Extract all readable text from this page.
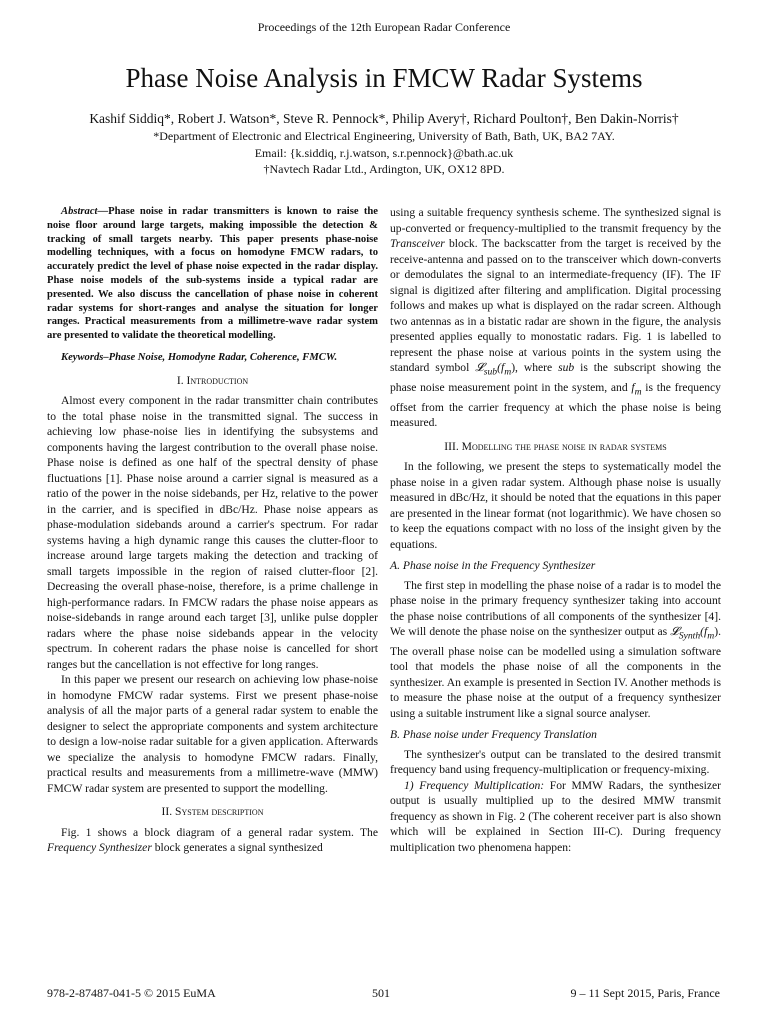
Proceedings of the 12th European Radar Conference
Phase Noise Analysis in FMCW Radar Systems
Kashif Siddiq*, Robert J. Watson*, Steve R. Pennock*, Philip Avery†, Richard Poulton†, Ben Dakin-Norris†
*Department of Electronic and Electrical Engineering, University of Bath, Bath, UK, BA2 7AY.
Email: {k.siddiq, r.j.watson, s.r.pennock}@bath.ac.uk
†Navtech Radar Ltd., Ardington, UK, OX12 8PD.

Abstract—Phase noise in radar transmitters is known to raise the noise floor around large targets, making impossible the detection & tracking of small targets nearby. This paper presents phase-noise modelling techniques, with a focus on homodyne FMCW radars, to accurately predict the level of phase noise expected in the radar display. Phase noise models of the sub-systems inside a typical radar are presented. We also discuss the cancellation of phase noise in coherent radar systems for short-ranges and analyse the situation for longer ranges. Practical measurements from a millimetre-wave radar system are presented to validate the theoretical modelling.

Keywords–Phase Noise, Homodyne Radar, Coherence, FMCW.

I. Introduction

Almost every component in the radar transmitter chain contributes to the total phase noise in the transmitted signal. The success in achieving low phase-noise lies in identifying the subsystems and components having the largest contribution to the overall phase noise. Phase noise is defined as one half of the spectral density of phase fluctuations [1]. Phase noise around a carrier signal is measured as a ratio of the power in the noise sidebands, per Hz, relative to the power in the carrier, and is specified in dBc/Hz. Phase noise appears as phase-modulation sidebands around a carrier's spectrum. For radar systems having a high dynamic range this causes the clutter-floor to increase around large targets making the detection and tracking of small targets impossible in the region of raised clutter-floor [2]. Decreasing the overall phase-noise, therefore, is a prime challenge in high-performance radars. In FMCW radars the phase noise appears as noise-sidebands in range around each target [3], unlike pulse doppler radars where the phase noise sidebands appear in the velocity spectrum. In coherent radars the phase noise is cancelled for short ranges but the cancellation is not effective for long ranges.

In this paper we present our research on achieving low phase-noise in homodyne FMCW radar systems. First we present phase-noise analysis of all the major parts of a general radar system to enable the designer to select the appropriate components and system architecture to design a low-noise radar suitable for a given application. Afterwards we specialize the analysis to homodyne FMCW radars. Finally, practical results and measurements from a millimetre-wave (MMW) FMCW radar system are presented to support the modelling.

II. System description

Fig. 1 shows a block diagram of a general radar system. The Frequency Synthesizer block generates a signal synthesized

using a suitable frequency synthesis scheme. The synthesized signal is up-converted or frequency-multiplied to the transmit frequency by the Transceiver block. The backscatter from the target is received by the receive-antenna and passed on to the transceiver which down-converts or demodulates the signal to an intermediate-frequency (IF). The IF signal is digitized after filtering and amplification. Digital processing follows and makes up what is displayed on the radar screen. Although two antennas as in a bistatic radar are shown in the figure, the analysis presented applies equally to monostatic radars. Fig. 1 is labelled to represent the phase noise at various points in the system using the standard symbol $𝓛_{sub}(f_m)$, where sub is the subscript showing the phase noise measurement point in the system, and $f_m$ is the frequency offset from the carrier frequency at which the phase noise is being measured.

III. Modelling the phase noise in radar systems

In the following, we present the steps to systematically model the phase noise in a given radar system. Although phase noise is usually measured in dBc/Hz, it should be noted that the equations in this paper are presented in the linear format (not logarithmic). We have chosen so to keep the equations compact with no loss of the insight given by the equations.

A. Phase noise in the Frequency Synthesizer

The first step in modelling the phase noise of a radar is to model the phase noise in the primary frequency synthesizer taking into account the phase noise contributions of all components of the synthesizer [4]. We will denote the phase noise on the synthesizer output as $𝓛_{Synth}(f_m)$. The overall phase noise can be modelled using a simulation software tool that models the phase noise of all the components in the synthesizer. An example is presented in Section IV. Another methods is to measure the phase noise at the output of a frequency synthesizer using a suitable instrument like a signal source analyser.

B. Phase noise under Frequency Translation

The synthesizer's output can be translated to the desired transmit frequency band using frequency-multiplication or frequency-mixing.

1) Frequency Multiplication: For MMW Radars, the synthesizer output is usually multiplied up to the desired MMW transmit frequency as shown in Fig. 2 (The coherent receiver part is also shown which will be explained in Section III-C). During frequency multiplication two phenomena happen:

978-2-87487-041-5 © 2015 EuMA	501	9 – 11 Sept 2015, Paris, France
